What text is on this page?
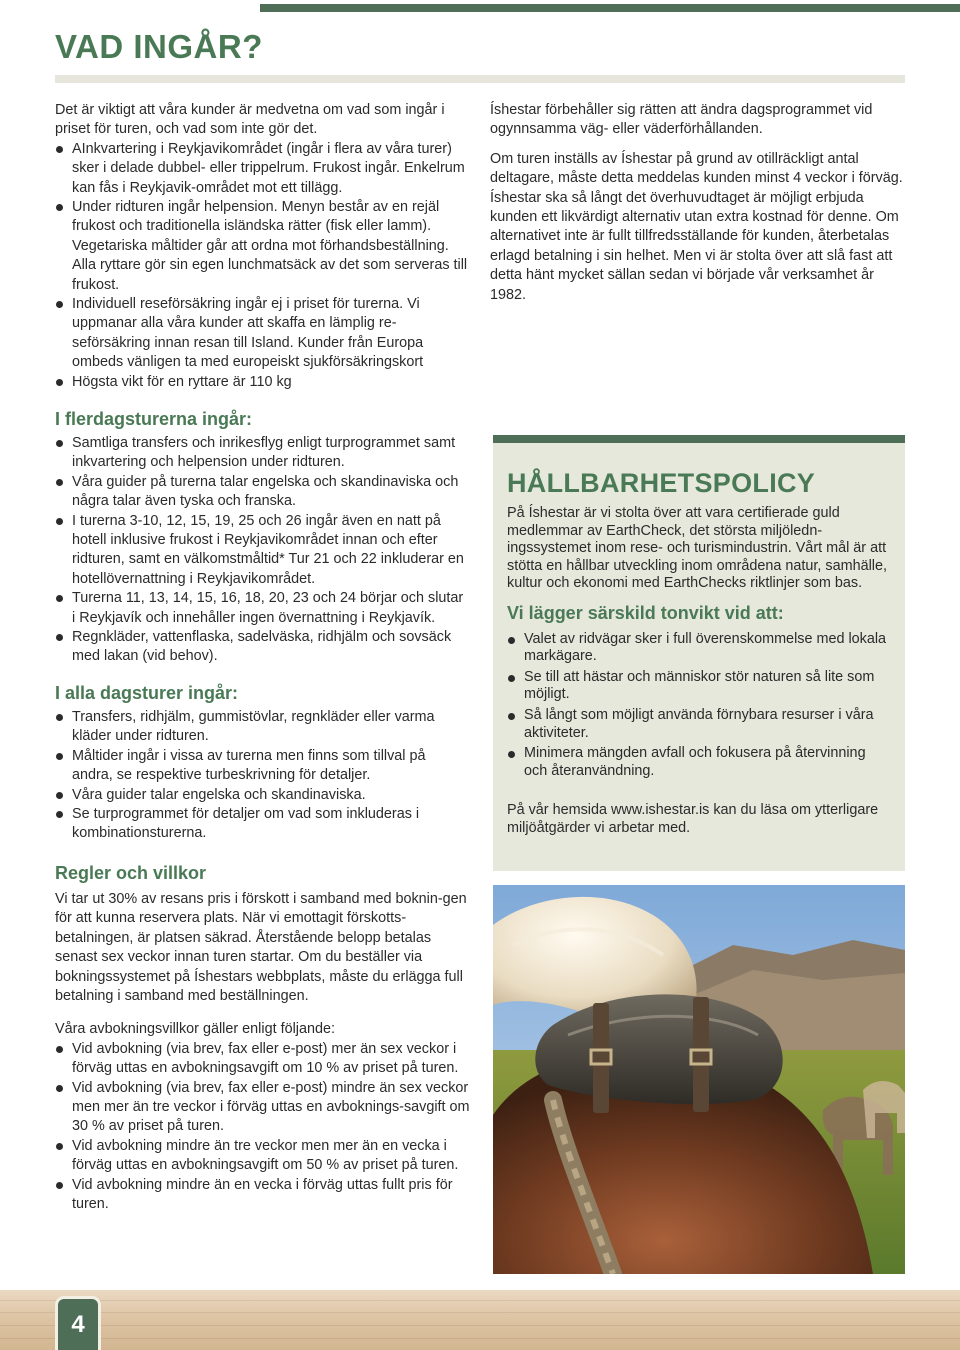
VAD INGÅR?

Det är viktigt att våra kunder är medvetna om vad som ingår i priset för turen, och vad som inte gör det.

AInkvartering i Reykjavikområdet (ingår i flera av våra turer) sker i delade dubbel- eller trippelrum. Frukost ingår. Enkelrum kan fås i Reykjavik-området mot ett tillägg.
Under ridturen ingår helpension. Menyn består av en rejäl frukost och traditionella isländska rätter (fisk eller lamm). Vegetariska måltider går att ordna mot förhandsbeställning. Alla ryttare gör sin egen lunchmatsäck av det som serveras till frukost.
Individuell reseförsäkring ingår ej i priset för turerna. Vi uppmanar alla våra kunder att skaffa en lämplig re-seförsäkring innan resan till Island. Kunder från Europa ombeds vänligen ta med europeiskt sjukförsäkringskort
Högsta vikt för en ryttare är 110 kg
I flerdagsturerna ingår:
Samtliga transfers och inrikesflyg enligt turprogrammet samt inkvartering och helpension under ridturen.
Våra guider på turerna talar engelska och skandinaviska och några talar även tyska och franska.
I turerna 3-10, 12, 15, 19, 25 och 26 ingår även en natt på hotell inklusive frukost i Reykjavikområdet innan och efter ridturen, samt en välkomstmåltid* Tur 21 och 22 inkluderar en hotellövernattning i Reykjavikområdet.
Turerna 11, 13, 14, 15, 16, 18, 20, 23 och 24 börjar och slutar i Reykjavík och innehåller ingen övernattning i Reykjavík.
Regnkläder, vattenflaska, sadelväska, ridhjälm och sovsäck med lakan (vid behov).
I alla dagsturer ingår:
Transfers, ridhjälm, gummistövlar, regnkläder eller varma kläder under ridturen.
Måltider ingår i vissa av turerna men finns som tillval på andra, se respektive turbeskrivning för detaljer.
Våra guider talar engelska och skandinaviska.
Se turprogrammet för detaljer om vad som inkluderas i kombinationsturerna.
Regler och villkor

Vi tar ut 30% av resans pris i förskott i samband med boknin-gen för att kunna reservera plats. När vi emottagit förskotts-betalningen, är platsen säkrad. Återstående belopp betalas senast sex veckor innan turen startar. Om du beställer via bokningssystemet på Íshestars webbplats, måste du erlägga full betalning i samband med beställningen.

Våra avbokningsvillkor gäller enligt följande:

Vid avbokning (via brev, fax eller e-post) mer än sex veckor i förväg uttas en avbokningsavgift om 10 % av priset på turen.
Vid avbokning (via brev, fax eller e-post) mindre än sex veckor men mer än tre veckor i förväg uttas en avboknings-savgift om 30 % av priset på turen.
Vid avbokning mindre än tre veckor men mer än en vecka i förväg uttas en avbokningsavgift om 50 % av priset på turen.
Vid avbokning mindre än en vecka i förväg uttas fullt pris för turen.

Íshestar förbehåller sig rätten att ändra dagsprogrammet vid ogynnsamma väg- eller väderförhållanden.

Om turen inställs av Íshestar på grund av otillräckligt antal deltagare, måste detta meddelas kunden minst 4 veckor i förväg. Íshestar ska så långt det överhuvudtaget är möjligt erbjuda kunden ett likvärdigt alternativ utan extra kostnad för denne. Om alternativet inte är fullt tillfredsställande för kunden, återbetalas erlagd betalning i sin helhet. Men vi är stolta över att slå fast att detta hänt mycket sällan sedan vi började vår verksamhet år 1982.

HÅLLBARHETSPOLICY

På Íshestar är vi stolta över att vara certifierade guld medlemmar av EarthCheck, det största miljöledn-ingssystemet inom rese- och turismindustrin. Vårt mål är att stötta en hållbar utveckling inom områdena natur, samhälle, kultur och ekonomi med EarthChecks riktlinjer som bas.

Vi lägger särskild tonvikt vid att:
Valet av ridvägar sker i full överenskommelse med lokala markägare.
Se till att hästar och människor stör naturen så lite som möjligt.
Så långt som möjligt använda förnybara resurser i våra aktiviteter.
Minimera mängden avfall och fokusera på återvinning och återanvändning.

På vår hemsida www.ishestar.is kan du läsa om ytterligare miljöåtgärder vi arbetar med.

4
